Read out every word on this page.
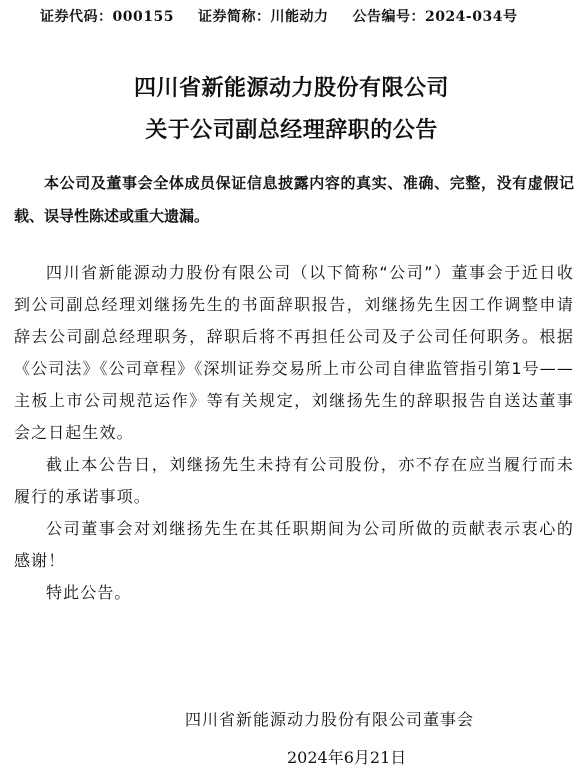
证券代码：000155 证券简称：川能动力 公告编号：2024-034号
四川省新能源动力股份有限公司
关于公司副总经理辞职的公告
本公司及董事会全体成员保证信息披露内容的真实、准确、完整，没有虚假记载、误导性陈述或重大遗漏。

四川省新能源动力股份有限公司（以下简称“公司”）董事会于近日收到公司副总经理刘继扬先生的书面辞职报告，刘继扬先生因工作调整申请辞去公司副总经理职务，辞职后将不再担任公司及子公司任何职务。根据《公司法》《公司章程》《深圳证券交易所上市公司自律监管指引第1号——主板上市公司规范运作》等有关规定，刘继扬先生的辞职报告自送达董事会之日起生效。

截止本公告日，刘继扬先生未持有公司股份，亦不存在应当履行而未履行的承诺事项。

公司董事会对刘继扬先生在其任职期间为公司所做的贡献表示衷心的感谢！

特此公告。

四川省新能源动力股份有限公司董事会
2024年6月21日
